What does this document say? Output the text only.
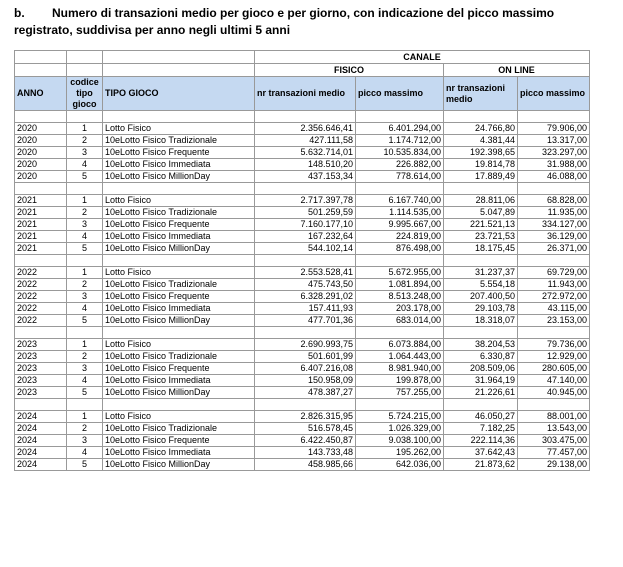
b. Numero di transazioni medio per gioco e per giorno, con indicazione del picco massimo
registrato, suddivisa per anno negli ultimi 5 anni
			CANALE			
			FISICO		ON LINE	
ANNO	codice tipo gioco	TIPO GIOCO	nr transazioni medio	picco massimo	nr transazioni medio	picco massimo

2020	1	Lotto Fisico	2.356.646,41	6.401.294,00	24.766,80	79.906,00
2020	2	10eLotto Fisico Tradizionale	427.111,58	1.174.712,00	4.381,44	13.317,00
2020	3	10eLotto Fisico Frequente	5.632.714,01	10.535.834,00	192.398,65	323.297,00
2020	4	10eLotto Fisico Immediata	148.510,20	226.882,00	19.814,78	31.988,00
2020	5	10eLotto Fisico MillionDay	437.153,34	778.614,00	17.889,49	46.088,00

2021	1	Lotto Fisico	2.717.397,78	6.167.740,00	28.811,06	68.828,00
2021	2	10eLotto Fisico Tradizionale	501.259,59	1.114.535,00	5.047,89	11.935,00
2021	3	10eLotto Fisico Frequente	7.160.177,10	9.995.667,00	221.521,13	334.127,00
2021	4	10eLotto Fisico Immediata	167.232,64	224.819,00	23.721,53	36.129,00
2021	5	10eLotto Fisico MillionDay	544.102,14	876.498,00	18.175,45	26.371,00

2022	1	Lotto Fisico	2.553.528,41	5.672.955,00	31.237,37	69.729,00
2022	2	10eLotto Fisico Tradizionale	475.743,50	1.081.894,00	5.554,18	11.943,00
2022	3	10eLotto Fisico Frequente	6.328.291,02	8.513.248,00	207.400,50	272.972,00
2022	4	10eLotto Fisico Immediata	157.411,93	203.178,00	29.103,78	43.115,00
2022	5	10eLotto Fisico MillionDay	477.701,36	683.014,00	18.318,07	23.153,00

2023	1	Lotto Fisico	2.690.993,75	6.073.884,00	38.204,53	79.736,00
2023	2	10eLotto Fisico Tradizionale	501.601,99	1.064.443,00	6.330,87	12.929,00
2023	3	10eLotto Fisico Frequente	6.407.216,08	8.981.940,00	208.509,06	280.605,00
2023	4	10eLotto Fisico Immediata	150.958,09	199.878,00	31.964,19	47.140,00
2023	5	10eLotto Fisico MillionDay	478.387,27	757.255,00	21.226,61	40.945,00

2024	1	Lotto Fisico	2.826.315,95	5.724.215,00	46.050,27	88.001,00
2024	2	10eLotto Fisico Tradizionale	516.578,45	1.026.329,00	7.182,25	13.543,00
2024	3	10eLotto Fisico Frequente	6.422.450,87	9.038.100,00	222.114,36	303.475,00
2024	4	10eLotto Fisico Immediata	143.733,48	195.262,00	37.642,43	77.457,00
2024	5	10eLotto Fisico MillionDay	458.985,66	642.036,00	21.873,62	29.138,00
